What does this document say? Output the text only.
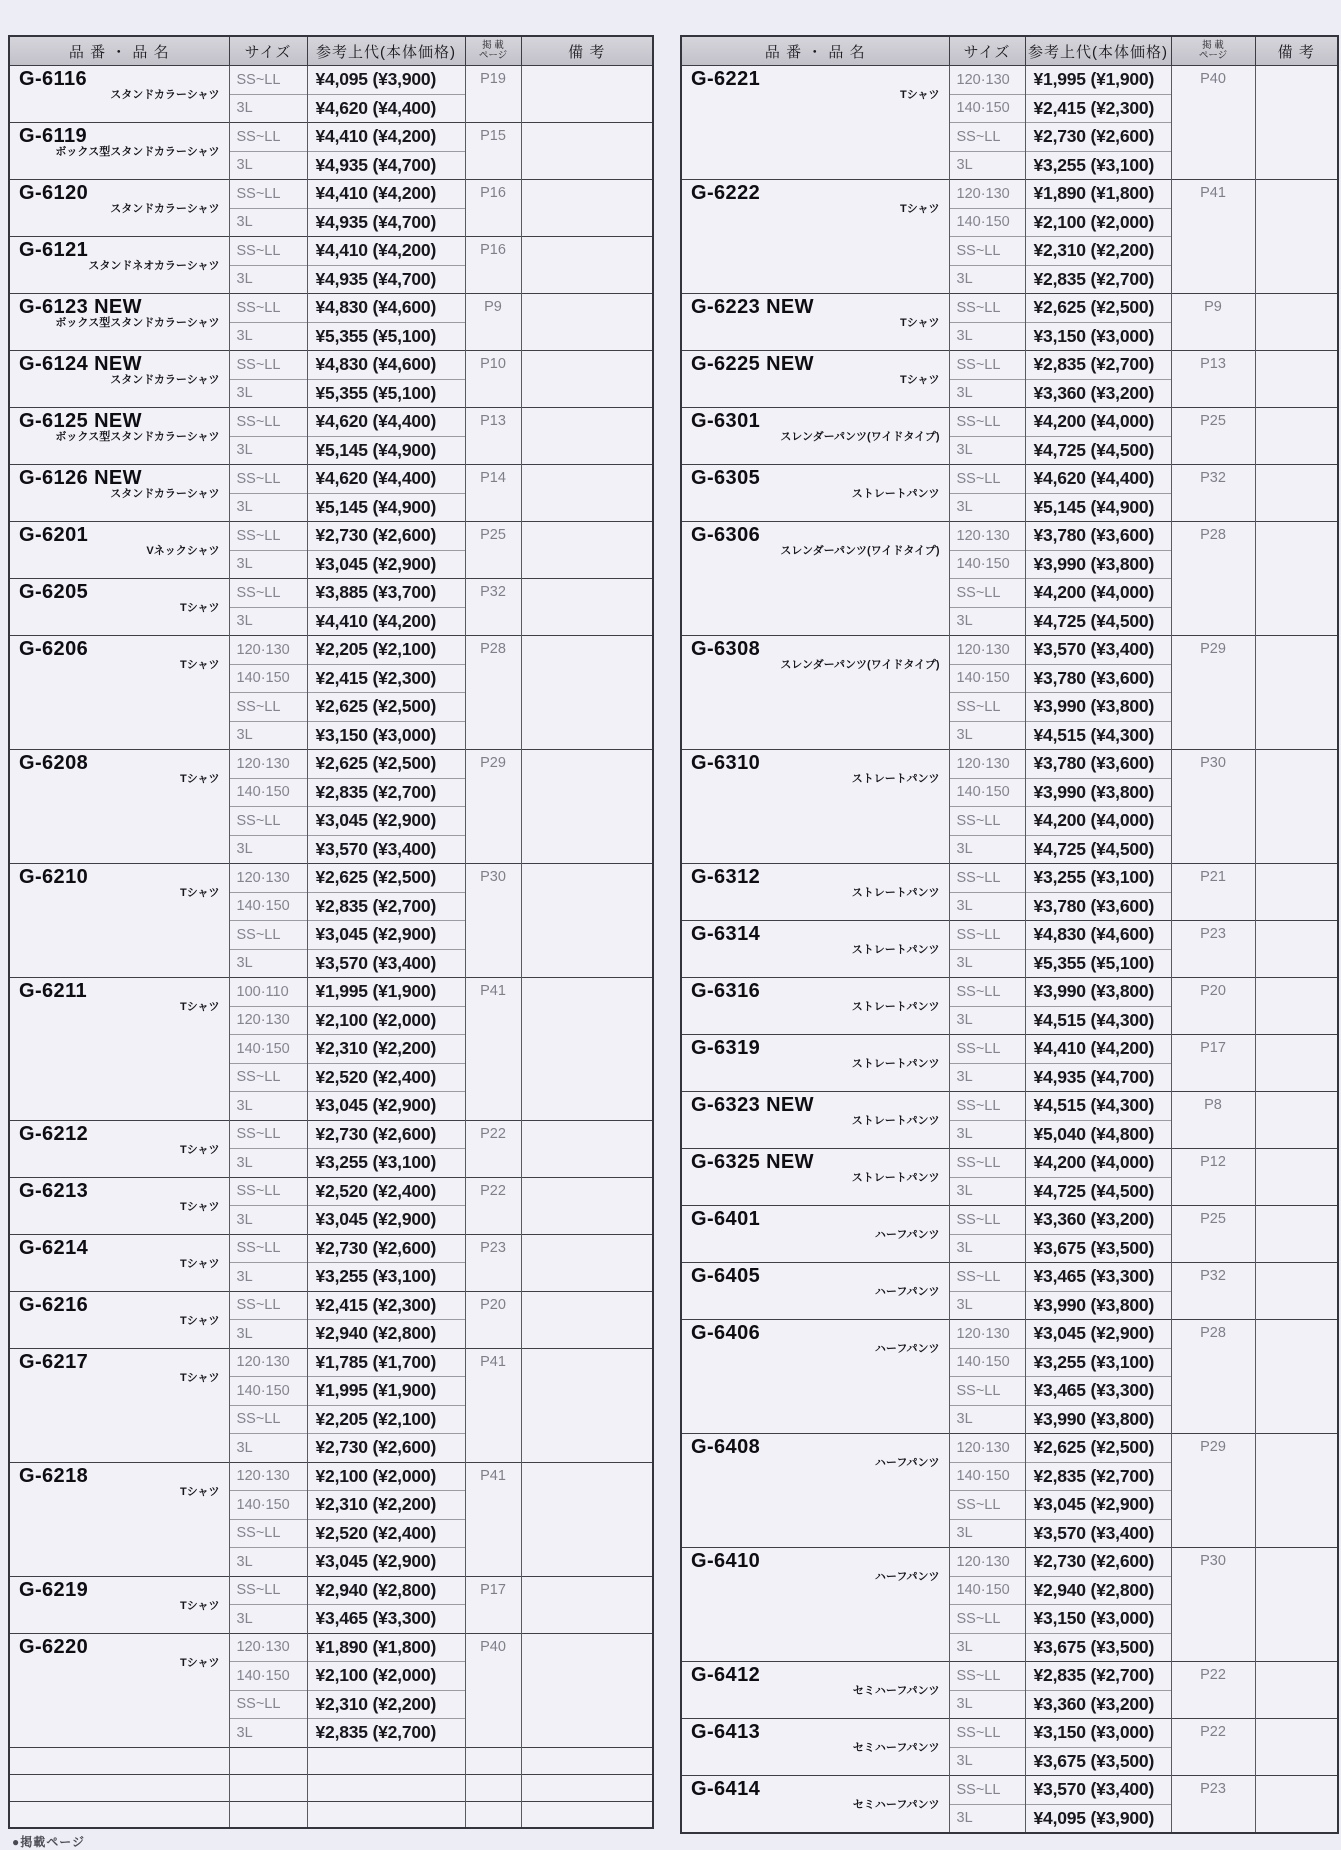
品 番 ・ 品 名	サイズ	参考上代(本体価格)	掲 載
ページ	備 考

G-6116
スタンドカラーシャツ	SS~LL	¥4,095 (¥3,900)	P19	
	3L	¥4,620 (¥4,400)		

G-6119
ボックス型スタンドカラーシャツ	SS~LL	¥4,410 (¥4,200)	P15	
	3L	¥4,935 (¥4,700)		

G-6120
スタンドカラーシャツ	SS~LL	¥4,410 (¥4,200)	P16	
	3L	¥4,935 (¥4,700)		

G-6121
スタンドネオカラーシャツ	SS~LL	¥4,410 (¥4,200)	P16	
	3L	¥4,935 (¥4,700)		

G-6123 NEW
ボックス型スタンドカラーシャツ	SS~LL	¥4,830 (¥4,600)	P9	
	3L	¥5,355 (¥5,100)		

G-6124 NEW
スタンドカラーシャツ	SS~LL	¥4,830 (¥4,600)	P10	
	3L	¥5,355 (¥5,100)		

G-6125 NEW
ボックス型スタンドカラーシャツ	SS~LL	¥4,620 (¥4,400)	P13	
	3L	¥5,145 (¥4,900)		

G-6126 NEW
スタンドカラーシャツ	SS~LL	¥4,620 (¥4,400)	P14	
	3L	¥5,145 (¥4,900)		

G-6201
Vネックシャツ	SS~LL	¥2,730 (¥2,600)	P25	
	3L	¥3,045 (¥2,900)		

G-6205
Tシャツ	SS~LL	¥3,885 (¥3,700)	P32	
	3L	¥4,410 (¥4,200)		

G-6206
Tシャツ	120·130	¥2,205 (¥2,100)	P28	
	140·150	¥2,415 (¥2,300)		
	SS~LL	¥2,625 (¥2,500)		
	3L	¥3,150 (¥3,000)		

G-6208
Tシャツ	120·130	¥2,625 (¥2,500)	P29	
	140·150	¥2,835 (¥2,700)		
	SS~LL	¥3,045 (¥2,900)		
	3L	¥3,570 (¥3,400)		

G-6210
Tシャツ	120·130	¥2,625 (¥2,500)	P30	
	140·150	¥2,835 (¥2,700)		
	SS~LL	¥3,045 (¥2,900)		
	3L	¥3,570 (¥3,400)		

G-6211
Tシャツ	100·110	¥1,995 (¥1,900)	P41	
	120·130	¥2,100 (¥2,000)		
	140·150	¥2,310 (¥2,200)		
	SS~LL	¥2,520 (¥2,400)		
	3L	¥3,045 (¥2,900)		

G-6212
Tシャツ	SS~LL	¥2,730 (¥2,600)	P22	
	3L	¥3,255 (¥3,100)		

G-6213
Tシャツ	SS~LL	¥2,520 (¥2,400)	P22	
	3L	¥3,045 (¥2,900)		

G-6214
Tシャツ	SS~LL	¥2,730 (¥2,600)	P23	
	3L	¥3,255 (¥3,100)		

G-6216
Tシャツ	SS~LL	¥2,415 (¥2,300)	P20	
	3L	¥2,940 (¥2,800)		

G-6217
Tシャツ	120·130	¥1,785 (¥1,700)	P41	
	140·150	¥1,995 (¥1,900)		
	SS~LL	¥2,205 (¥2,100)		
	3L	¥2,730 (¥2,600)		

G-6218
Tシャツ	120·130	¥2,100 (¥2,000)	P41	
	140·150	¥2,310 (¥2,200)		
	SS~LL	¥2,520 (¥2,400)		
	3L	¥3,045 (¥2,900)		

G-6219
Tシャツ	SS~LL	¥2,940 (¥2,800)	P17	
	3L	¥3,465 (¥3,300)		

G-6220
Tシャツ	120·130	¥1,890 (¥1,800)	P40	
	140·150	¥2,100 (¥2,000)		
	SS~LL	¥2,310 (¥2,200)		
	3L	¥2,835 (¥2,700)		

品 番 ・ 品 名	サイズ	参考上代(本体価格)	掲 載
ページ	備 考

G-6221
Tシャツ	120·130	¥1,995 (¥1,900)	P40	
	140·150	¥2,415 (¥2,300)		
	SS~LL	¥2,730 (¥2,600)		
	3L	¥3,255 (¥3,100)		

G-6222
Tシャツ	120·130	¥1,890 (¥1,800)	P41	
	140·150	¥2,100 (¥2,000)		
	SS~LL	¥2,310 (¥2,200)		
	3L	¥2,835 (¥2,700)		

G-6223 NEW
Tシャツ	SS~LL	¥2,625 (¥2,500)	P9	
	3L	¥3,150 (¥3,000)		

G-6225 NEW
Tシャツ	SS~LL	¥2,835 (¥2,700)	P13	
	3L	¥3,360 (¥3,200)		

G-6301
スレンダーパンツ(ワイドタイプ)	SS~LL	¥4,200 (¥4,000)	P25	
	3L	¥4,725 (¥4,500)		

G-6305
ストレートパンツ	SS~LL	¥4,620 (¥4,400)	P32	
	3L	¥5,145 (¥4,900)		

G-6306
スレンダーパンツ(ワイドタイプ)	120·130	¥3,780 (¥3,600)	P28	
	140·150	¥3,990 (¥3,800)		
	SS~LL	¥4,200 (¥4,000)		
	3L	¥4,725 (¥4,500)		

G-6308
スレンダーパンツ(ワイドタイプ)	120·130	¥3,570 (¥3,400)	P29	
	140·150	¥3,780 (¥3,600)		
	SS~LL	¥3,990 (¥3,800)		
	3L	¥4,515 (¥4,300)		

G-6310
ストレートパンツ	120·130	¥3,780 (¥3,600)	P30	
	140·150	¥3,990 (¥3,800)		
	SS~LL	¥4,200 (¥4,000)		
	3L	¥4,725 (¥4,500)		

G-6312
ストレートパンツ	SS~LL	¥3,255 (¥3,100)	P21	
	3L	¥3,780 (¥3,600)		

G-6314
ストレートパンツ	SS~LL	¥4,830 (¥4,600)	P23	
	3L	¥5,355 (¥5,100)		

G-6316
ストレートパンツ	SS~LL	¥3,990 (¥3,800)	P20	
	3L	¥4,515 (¥4,300)		

G-6319
ストレートパンツ	SS~LL	¥4,410 (¥4,200)	P17	
	3L	¥4,935 (¥4,700)		

G-6323 NEW
ストレートパンツ	SS~LL	¥4,515 (¥4,300)	P8	
	3L	¥5,040 (¥4,800)		

G-6325 NEW
ストレートパンツ	SS~LL	¥4,200 (¥4,000)	P12	
	3L	¥4,725 (¥4,500)		

G-6401
ハーフパンツ	SS~LL	¥3,360 (¥3,200)	P25	
	3L	¥3,675 (¥3,500)		

G-6405
ハーフパンツ	SS~LL	¥3,465 (¥3,300)	P32	
	3L	¥3,990 (¥3,800)		

G-6406
ハーフパンツ	120·130	¥3,045 (¥2,900)	P28	
	140·150	¥3,255 (¥3,100)		
	SS~LL	¥3,465 (¥3,300)		
	3L	¥3,990 (¥3,800)		

G-6408
ハーフパンツ	120·130	¥2,625 (¥2,500)	P29	
	140·150	¥2,835 (¥2,700)		
	SS~LL	¥3,045 (¥2,900)		
	3L	¥3,570 (¥3,400)		

G-6410
ハーフパンツ	120·130	¥2,730 (¥2,600)	P30	
	140·150	¥2,940 (¥2,800)		
	SS~LL	¥3,150 (¥3,000)		
	3L	¥3,675 (¥3,500)		

G-6412
セミハーフパンツ	SS~LL	¥2,835 (¥2,700)	P22	
	3L	¥3,360 (¥3,200)		

G-6413
セミハーフパンツ	SS~LL	¥3,150 (¥3,000)	P22	
	3L	¥3,675 (¥3,500)		

G-6414
セミハーフパンツ	SS~LL	¥3,570 (¥3,400)	P23	
	3L	¥4,095 (¥3,900)		
●掲載ページ
